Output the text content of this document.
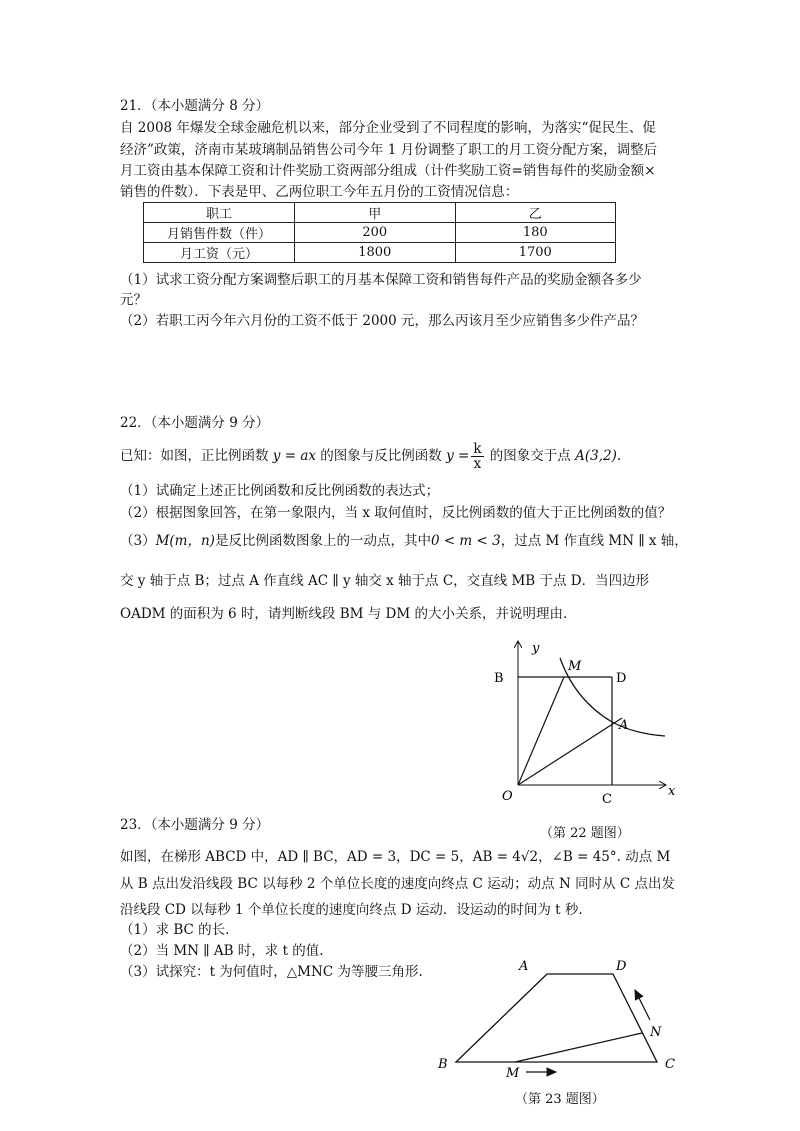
21．（本小题满分 8 分）
自 2008 年爆发全球金融危机以来，部分企业受到了不同程度的影响，为落实“促民生、促
经济”政策，济南市某玻璃制品销售公司今年 1 月份调整了职工的月工资分配方案，调整后
月工资由基本保障工资和计件奖励工资两部分组成（计件奖励工资=销售每件的奖励金额×
销售的件数）．下表是甲、乙两位职工今年五月份的工资情况信息：
职工	甲	乙
月销售件数（件）	200	180
月工资（元）	1800	1700
（1）试求工资分配方案调整后职工的月基本保障工资和销售每件产品的奖励金额各多少
元？
（2）若职工丙今年六月份的工资不低于 2000 元，那么丙该月至少应销售多少件产品？
22．（本小题满分 9 分）
已知：如图，正比例函数 y = ax 的图象与反比例函数 $y = \frac{k}{x}$ 的图象交于点 A(3,2).
（1）试确定上述正比例函数和反比例函数的表达式；
（2）根据图象回答，在第一象限内，当 x 取何值时，反比例函数的值大于正比例函数的值？
（3）M(m，n)是反比例函数图象上的一动点，其中0 < m < 3，过点 M 作直线 MN ∥ x 轴，
交 y 轴于点 B；过点 A 作直线 AC ∥ y 轴交 x 轴于点 C，交直线 MB 于点 D．当四边形
OADM 的面积为 6 时，请判断线段 BM 与 DM 的大小关系，并说明理由.
y
x
O
B
M
D
A
C
（第 22 题图）
23．（本小题满分 9 分）
如图，在梯形 ABCD 中，AD ∥ BC，AD = 3，DC = 5，AB = 4√2，∠B = 45°. 动点 M
从 B 点出发沿线段 BC 以每秒 2 个单位长度的速度向终点 C 运动；动点 N 同时从 C 点出发
沿线段 CD 以每秒 1 个单位长度的速度向终点 D 运动．设运动的时间为 t 秒.
（1）求 BC 的长.
（2）当 MN ∥ AB 时，求 t 的值.
（3）试探究：t 为何值时，△MNC 为等腰三角形.	A	D
B	C
M
N
（第 23 题图）
